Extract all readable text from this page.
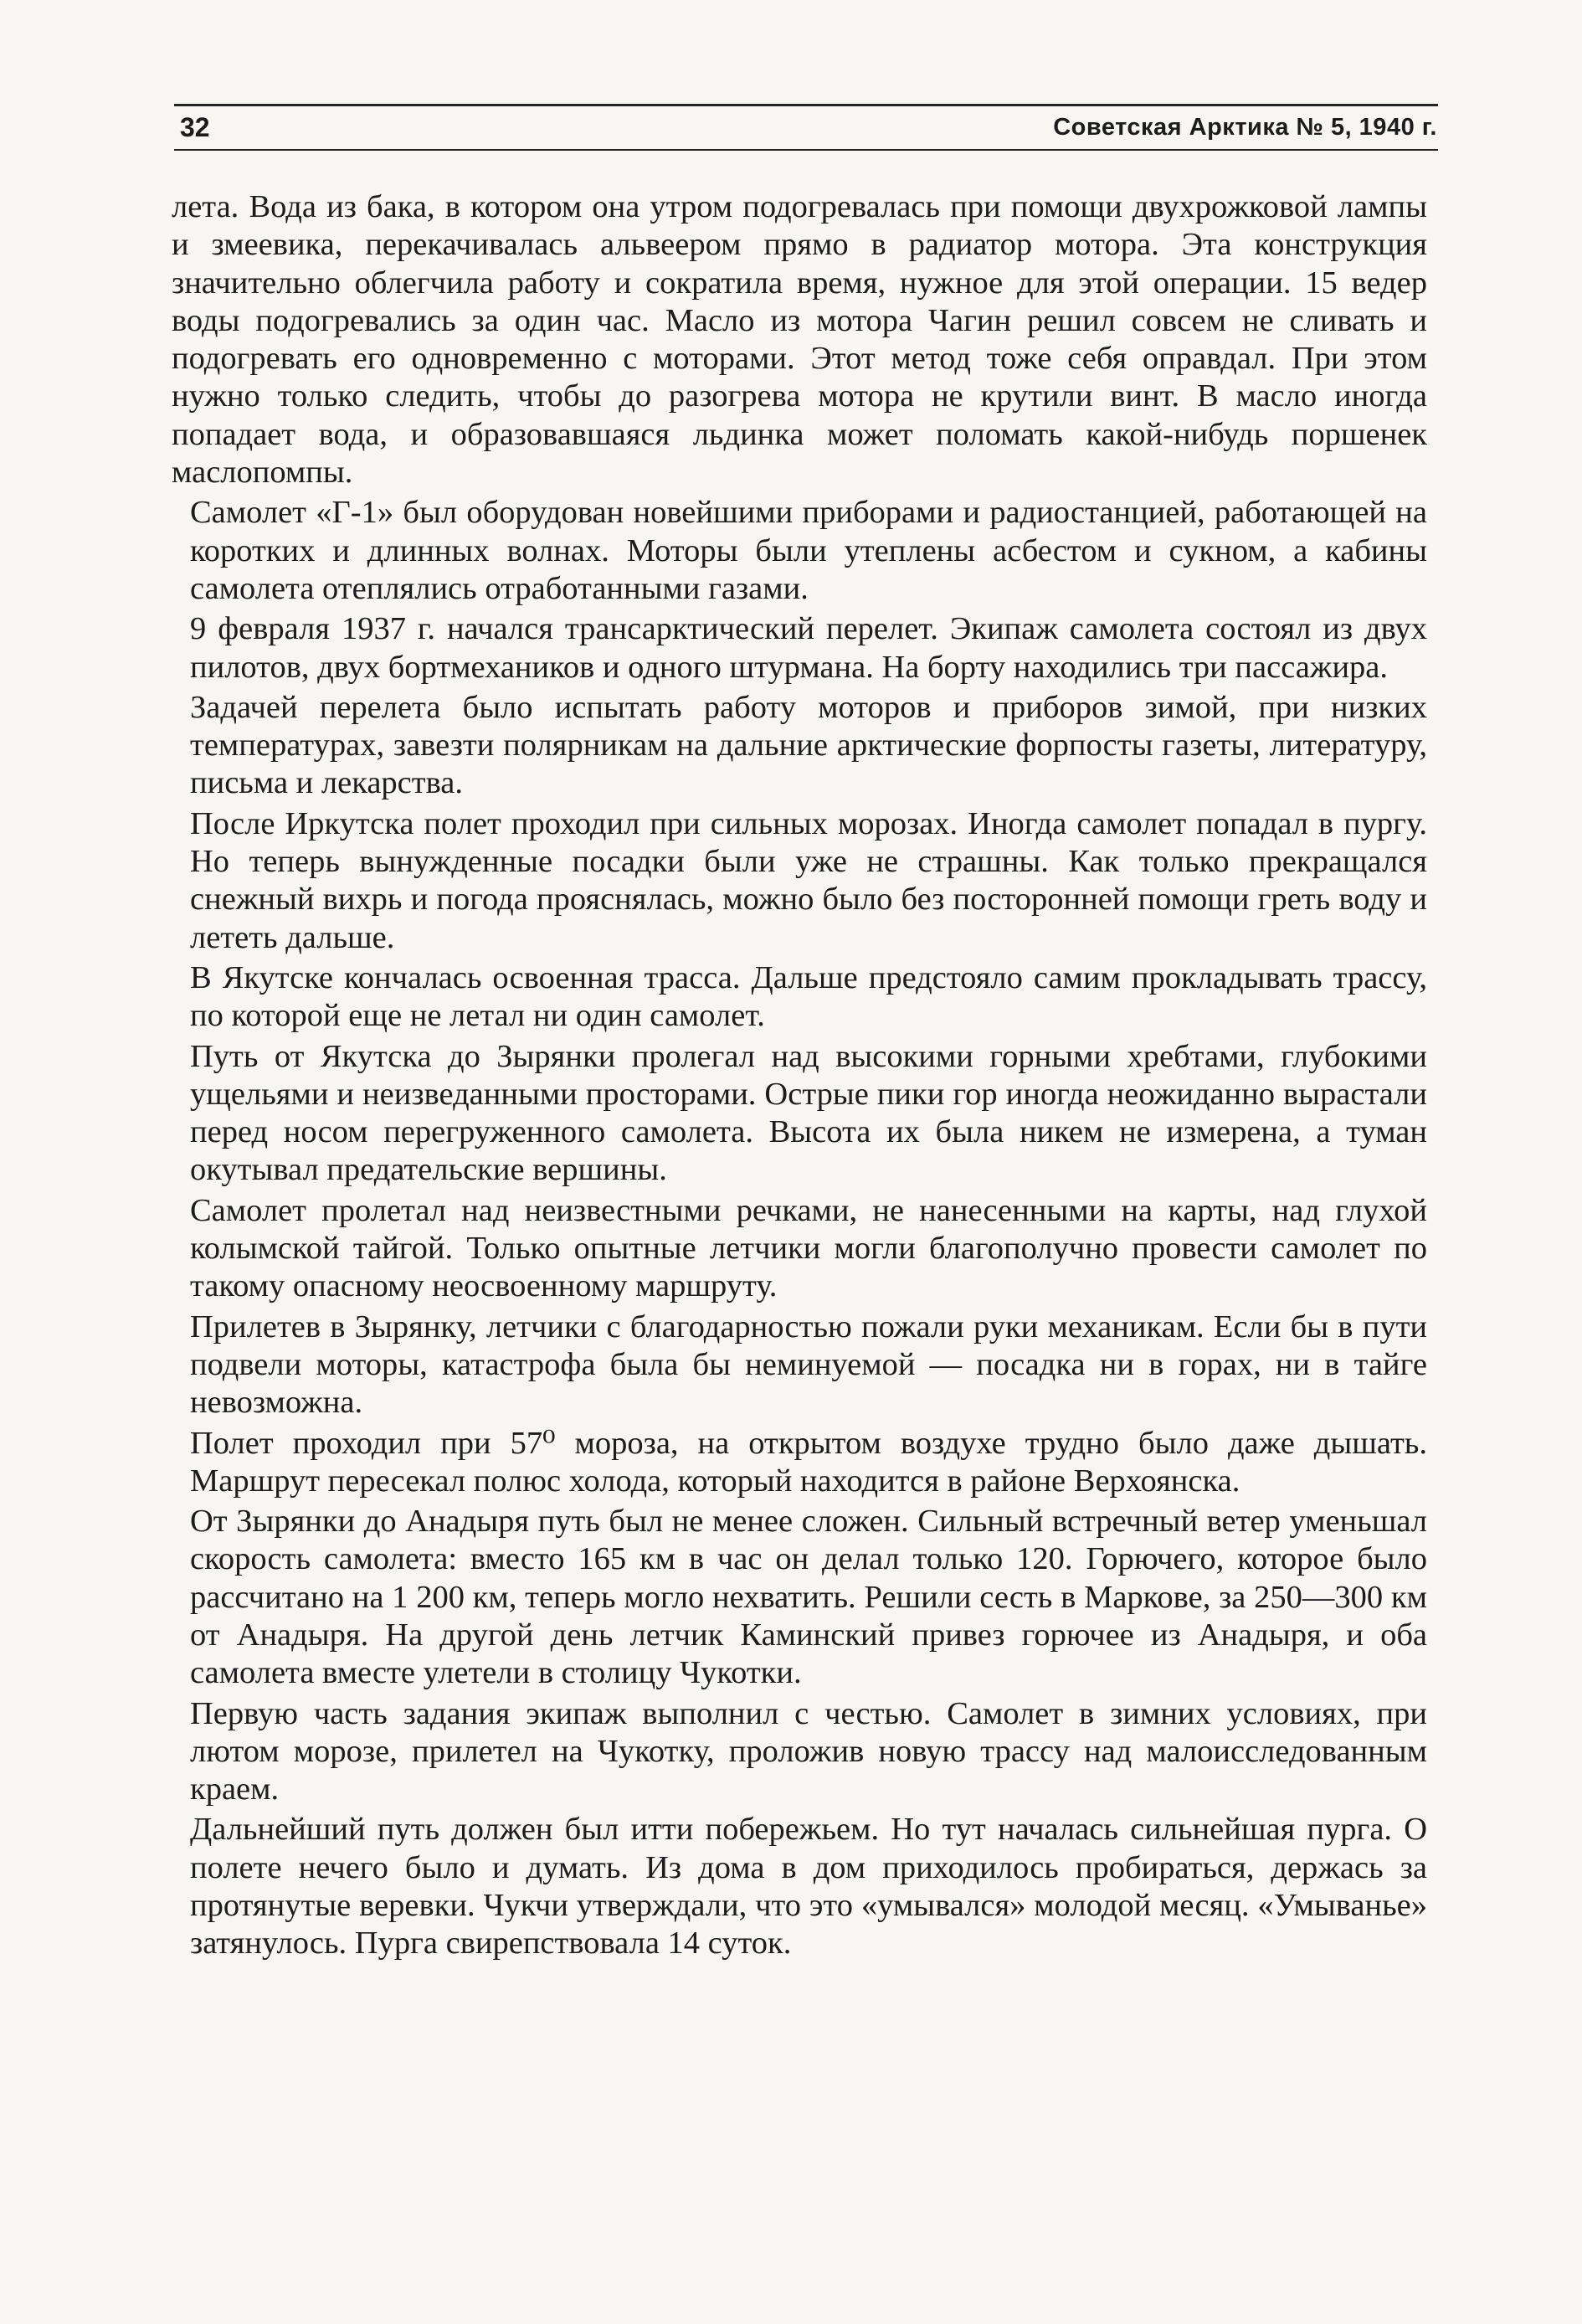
32	Советская Арктика № 5, 1940 г.

лета. Вода из бака, в котором она утром подогревалась при помощи двухрожковой лампы и змеевика, перекачивалась альвеером прямо в радиатор мотора. Эта конструкция значительно облегчила работу и сократила время, нужное для этой операции. 15 ведер воды подогревались за один час. Масло из мотора Чагин решил совсем не сливать и подогревать его одновременно с моторами. Этот метод тоже себя оправдал. При этом нужно только следить, чтобы до разогрева мотора не крутили винт. В масло иногда попадает вода, и образовавшаяся льдинка может поломать какой-нибудь поршенек маслопомпы.

Самолет «Г-1» был оборудован новейшими приборами и радиостанцией, работающей на коротких и длинных волнах. Моторы были утеплены асбестом и сукном, а кабины самолета отеплялись отработанными газами.

9 февраля 1937 г. начался трансарктический перелет. Экипаж самолета состоял из двух пилотов, двух бортмехаников и одного штурмана. На борту находились три пассажира.

Задачей перелета было испытать работу моторов и приборов зимой, при низких температурах, завезти полярникам на дальние арктические форпосты газеты, литературу, письма и лекарства.

После Иркутска полет проходил при сильных морозах. Иногда самолет попадал в пургу. Но теперь вынужденные посадки были уже не страшны. Как только прекращался снежный вихрь и погода прояснялась, можно было без посторонней помощи греть воду и лететь дальше.

В Якутске кончалась освоенная трасса. Дальше предстояло самим прокладывать трассу, по которой еще не летал ни один самолет.

Путь от Якутска до Зырянки пролегал над высокими горными хребтами, глубокими ущельями и неизведанными просторами. Острые пики гор иногда неожиданно вырастали перед носом перегруженного самолета. Высота их была никем не измерена, а туман окутывал предательские вершины.

Самолет пролетал над неизвестными речками, не нанесенными на карты, над глухой колымской тайгой. Только опытные летчики могли благополучно провести самолет по такому опасному неосвоенному маршруту.

Прилетев в Зырянку, летчики с благодарностью пожали руки механикам. Если бы в пути подвели моторы, катастрофа была бы неминуемой — посадка ни в горах, ни в тайге невозможна.

Полет проходил при 57⁰ мороза, на открытом воздухе трудно было даже дышать. Маршрут пересекал полюс холода, который находится в районе Верхоянска.

От Зырянки до Анадыря путь был не менее сложен. Сильный встречный ветер уменьшал скорость самолета: вместо 165 км в час он делал только 120. Горючего, которое было рассчитано на 1 200 км, теперь могло нехватить. Решили сесть в Маркове, за 250—300 км от Анадыря. На другой день летчик Каминский привез горючее из Анадыря, и оба самолета вместе улетели в столицу Чукотки.

Первую часть задания экипаж выполнил с честью. Самолет в зимних условиях, при лютом морозе, прилетел на Чукотку, проложив новую трассу над малоисследованным краем.

Дальнейший путь должен был итти побережьем. Но тут началась сильнейшая пурга. О полете нечего было и думать. Из дома в дом приходилось пробираться, держась за протянутые веревки. Чукчи утверждали, что это «умывался» молодой месяц. «Умыванье» затянулось. Пурга свирепствовала 14 суток.
